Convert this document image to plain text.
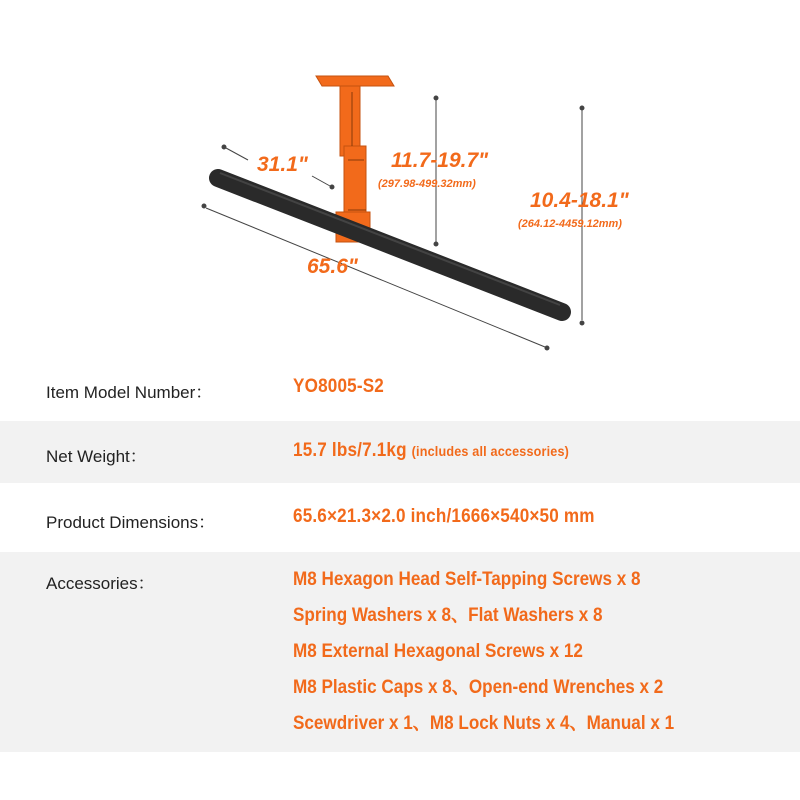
31.1"	11.7-19.7"
(297.98-499.32mm)
10.4-18.1"
(264.12-4459.12mm)
65.6"
Item Model Number：	YO8005-S2
Net Weight：	15.7 lbs/7.1kg (includes all accessories)
Product Dimensions：	65.6×21.3×2.0 inch/1666×540×50 mm
Accessories：	M8 Hexagon Head Self-Tapping Screws x 8
Spring Washers x 8、Flat Washers x 8
M8 External Hexagonal Screws x 12
M8 Plastic Caps x 8、Open-end Wrenches x 2
Scewdriver x 1、M8 Lock Nuts x 4、Manual x 1
